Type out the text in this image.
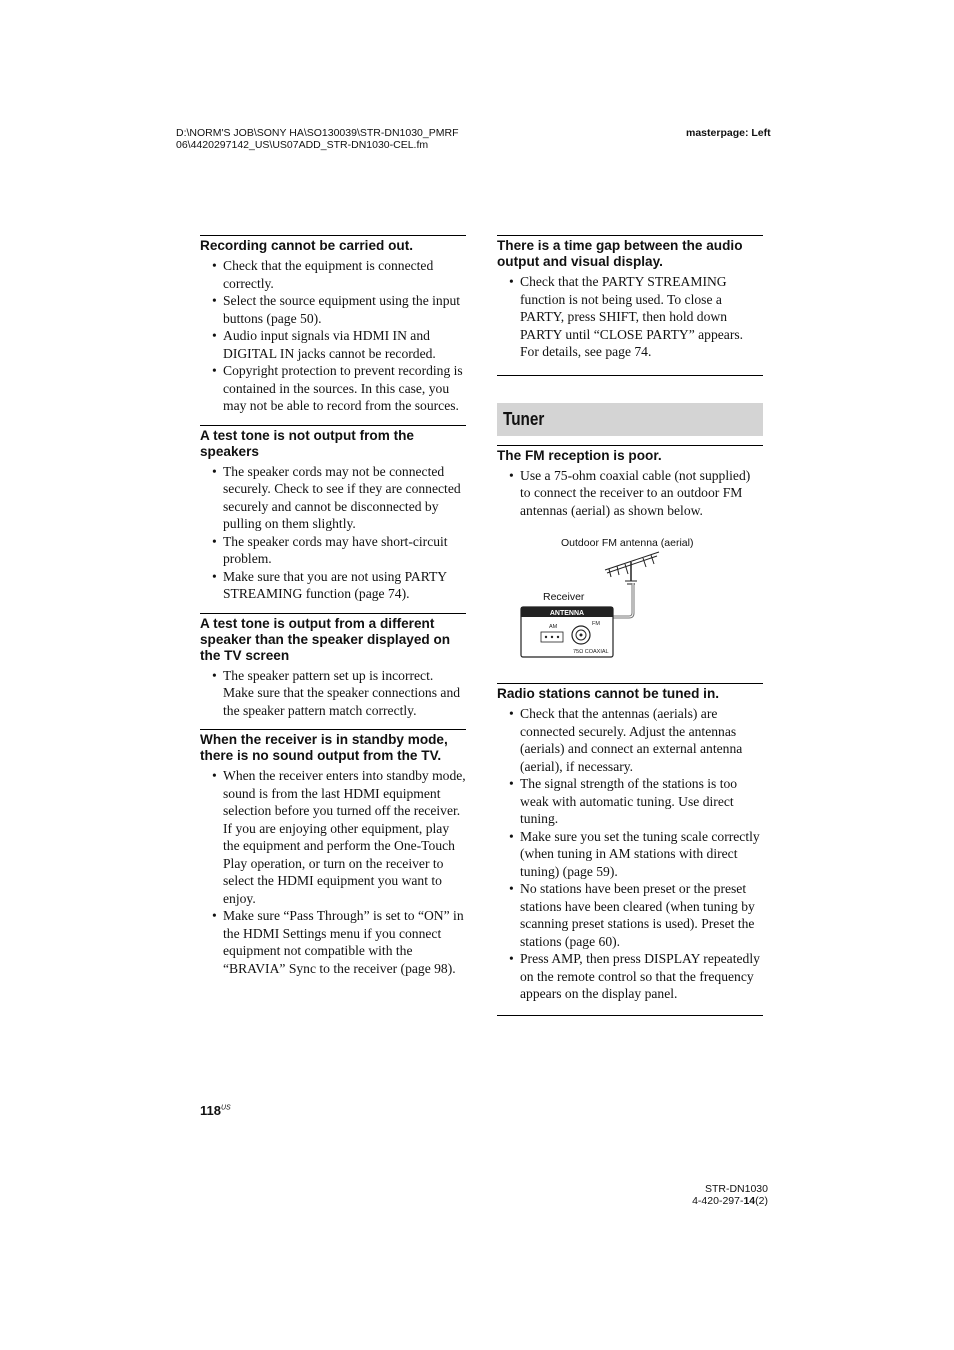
D:\NORM'S JOB\SONY HA\SO130039\STR-DN1030_PMRF
06\4420297142_US\US07ADD_STR-DN1030-CEL.fm
masterpage: Left
Recording cannot be carried out.
• Check that the equipment is connected correctly.
• Select the source equipment using the input buttons (page 50).
• Audio input signals via HDMI IN and DIGITAL IN jacks cannot be recorded.
• Copyright protection to prevent recording is contained in the sources. In this case, you may not be able to record from the sources.
A test tone is not output from the speakers
• The speaker cords may not be connected securely. Check to see if they are connected securely and cannot be disconnected by pulling on them slightly.
• The speaker cords may have short-circuit problem.
• Make sure that you are not using PARTY STREAMING function (page 74).
A test tone is output from a different speaker than the speaker displayed on the TV screen
• The speaker pattern set up is incorrect. Make sure that the speaker connections and the speaker pattern match correctly.
When the receiver is in standby mode, there is no sound output from the TV.
• When the receiver enters into standby mode, sound is from the last HDMI equipment selection before you turned off the receiver. If you are enjoying other equipment, play the equipment and perform the One-Touch Play operation, or turn on the receiver to select the HDMI equipment you want to enjoy.
• Make sure “Pass Through” is set to “ON” in the HDMI Settings menu if you connect equipment not compatible with the “BRAVIA” Sync to the receiver (page 98).
There is a time gap between the audio output and visual display.
• Check that the PARTY STREAMING function is not being used. To close a PARTY, press SHIFT, then hold down PARTY until “CLOSE PARTY” appears. For details, see page 74.
Tuner
The FM reception is poor.
• Use a 75-ohm coaxial cable (not supplied) to connect the receiver to an outdoor FM antennas (aerial) as shown below.
Outdoor FM antenna (aerial)
Receiver
ANTENNA
AM	FM
75Ω COAXIAL
Radio stations cannot be tuned in.
• Check that the antennas (aerials) are connected securely. Adjust the antennas (aerials) and connect an external antenna (aerial), if necessary.
• The signal strength of the stations is too weak with automatic tuning. Use direct tuning.
• Make sure you set the tuning scale correctly (when tuning in AM stations with direct tuning) (page 59).
• No stations have been preset or the preset stations have been cleared (when tuning by scanning preset stations is used). Preset the stations (page 60).
• Press AMP, then press DISPLAY repeatedly on the remote control so that the frequency appears on the display panel.
$118^{US}$
STR-DN1030
4-420-297-14(2)
